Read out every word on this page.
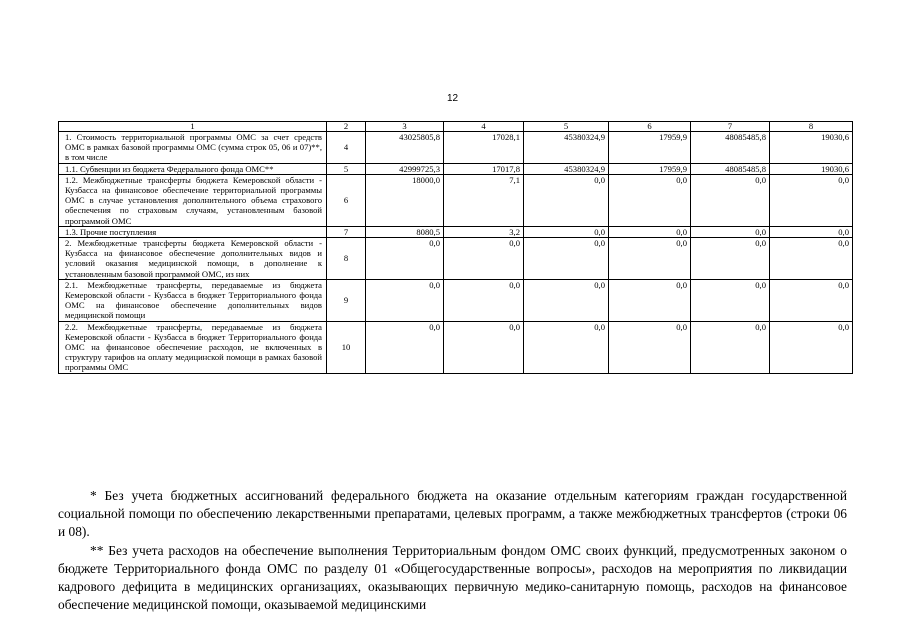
12
1	2	3	4	5	6	7	8
1. Стоимость территориальной программы ОМС за счет средств ОМС в рамках базовой программы ОМС (сумма строк 05, 06 и 07)**, в том числе	4	43025805,8	17028,1	45380324,9	17959,9	48085485,8	19030,6
1.1. Субвенции из бюджета Федерального фонда ОМС**	5	42999725,3	17017,8	45380324,9	17959,9	48085485,8	19030,6
1.2. Межбюджетные трансферты бюджета Кемеровской области - Кузбасса на финансовое обеспечение территориальной программы ОМС в случае установления дополнительного объема страхового обеспечения по страховым случаям, установленным базовой программой ОМС	6	18000,0	7,1	0,0	0,0	0,0	0,0
1.3. Прочие поступления	7	8080,5	3,2	0,0	0,0	0,0	0,0
2. Межбюджетные трансферты бюджета Кемеровской области - Кузбасса на финансовое обеспечение дополнительных видов и условий оказания медицинской помощи, в дополнение к установленным базовой программой ОМС, из них	8	0,0	0,0	0,0	0,0	0,0	0,0
2.1. Межбюджетные трансферты, передаваемые из бюджета Кемеровской области - Кузбасса в бюджет Территориального фонда ОМС на финансовое обеспечение дополнительных видов медицинской помощи	9	0,0	0,0	0,0	0,0	0,0	0,0
2.2. Межбюджетные трансферты, передаваемые из бюджета Кемеровской области - Кузбасса в бюджет Территориального фонда ОМС на финансовое обеспечение расходов, не включенных в структуру тарифов на оплату медицинской помощи в рамках базовой программы ОМС	10	0,0	0,0	0,0	0,0	0,0	0,0

* Без учета бюджетных ассигнований федерального бюджета на оказание отдельным категориям граждан государственной социальной помощи по обеспечению лекарственными препаратами, целевых программ, а также межбюджетных трансфертов (строки 06 и 08).

** Без учета расходов на обеспечение выполнения Территориальным фондом ОМС своих функций, предусмотренных законом о бюджете Территориального фонда ОМС по разделу 01 «Общегосударственные вопросы», расходов на мероприятия по ликвидации кадрового дефицита в медицинских организациях, оказывающих первичную медико-санитарную помощь, расходов на финансовое обеспечение медицинской помощи, оказываемой медицинскими
